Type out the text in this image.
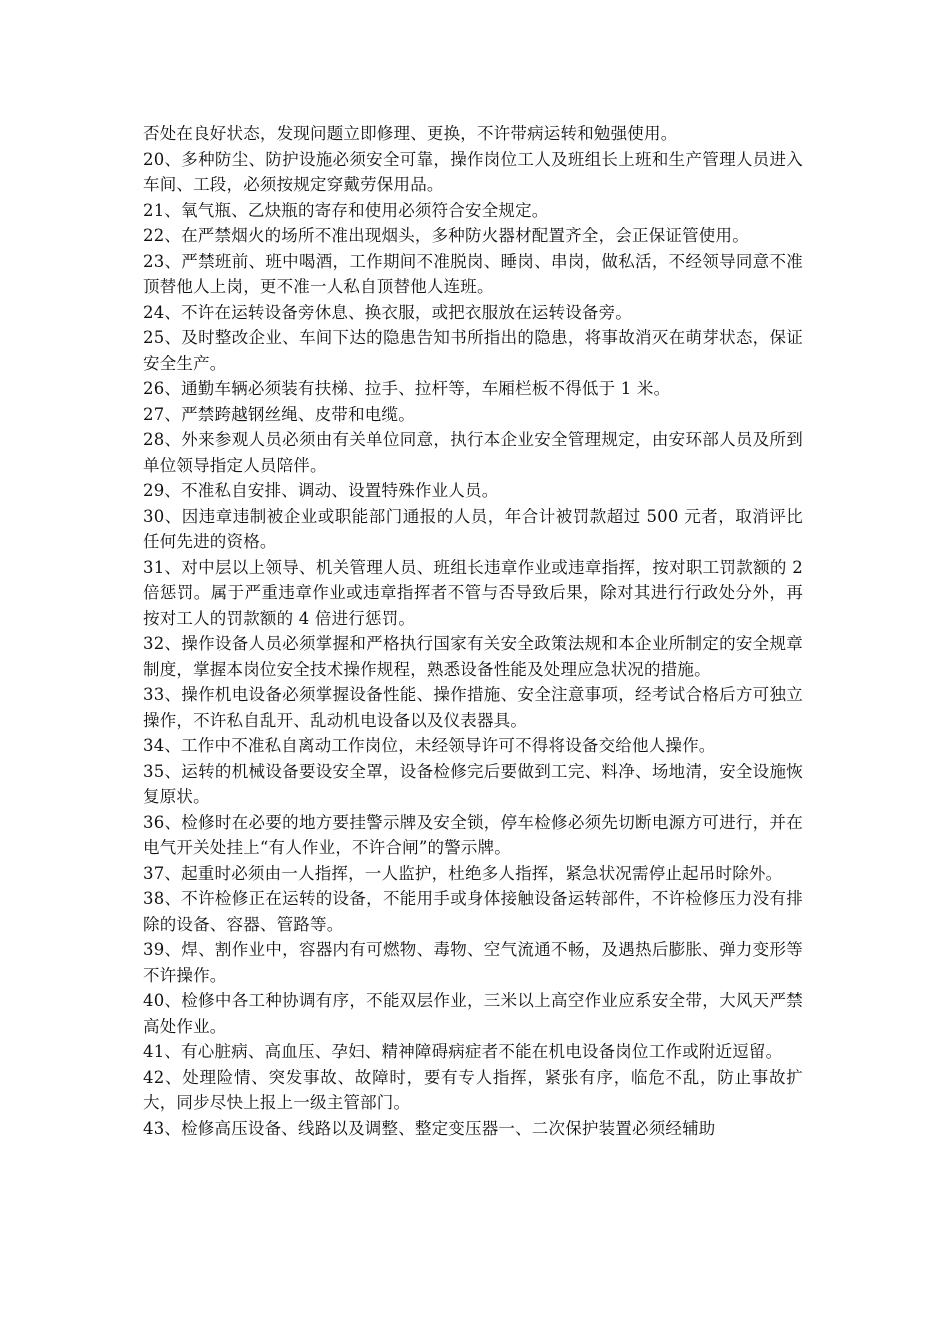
否处在良好状态，发现问题立即修理、更换，不许带病运转和勉强使用。

20、多种防尘、防护设施必须安全可靠，操作岗位工人及班组长上班和生产管理人员进入车间、工段，必须按规定穿戴劳保用品。

21、氧气瓶、乙炔瓶的寄存和使用必须符合安全规定。

22、在严禁烟火的场所不准出现烟头，多种防火器材配置齐全，会正保证管使用。

23、严禁班前、班中喝酒，工作期间不准脱岗、睡岗、串岗，做私活，不经领导同意不准顶替他人上岗，更不准一人私自顶替他人连班。

24、不许在运转设备旁休息、换衣服，或把衣服放在运转设备旁。

25、及时整改企业、车间下达的隐患告知书所指出的隐患，将事故消灭在萌芽状态，保证安全生产。

26、通勤车辆必须装有扶梯、拉手、拉杆等，车厢栏板不得低于 1 米。

27、严禁跨越钢丝绳、皮带和电缆。

28、外来参观人员必须由有关单位同意，执行本企业安全管理规定，由安环部人员及所到单位领导指定人员陪伴。

29、不准私自安排、调动、设置特殊作业人员。

30、因违章违制被企业或职能部门通报的人员，年合计被罚款超过 500 元者，取消评比任何先进的资格。

31、对中层以上领导、机关管理人员、班组长违章作业或违章指挥，按对职工罚款额的 2 倍惩罚。属于严重违章作业或违章指挥者不管与否导致后果，除对其进行行政处分外，再按对工人的罚款额的 4 倍进行惩罚。

32、操作设备人员必须掌握和严格执行国家有关安全政策法规和本企业所制定的安全规章制度，掌握本岗位安全技术操作规程，熟悉设备性能及处理应急状况的措施。

33、操作机电设备必须掌握设备性能、操作措施、安全注意事项，经考试合格后方可独立操作，不许私自乱开、乱动机电设备以及仪表器具。

34、工作中不准私自离动工作岗位，未经领导许可不得将设备交给他人操作。

35、运转的机械设备要设安全罩，设备检修完后要做到工完、料净、场地清，安全设施恢复原状。

36、检修时在必要的地方要挂警示牌及安全锁，停车检修必须先切断电源方可进行，并在电气开关处挂上“有人作业，不许合闸”的警示牌。

37、起重时必须由一人指挥，一人监护，杜绝多人指挥，紧急状况需停止起吊时除外。

38、不许检修正在运转的设备，不能用手或身体接触设备运转部件，不许检修压力没有排除的设备、容器、管路等。

39、焊、割作业中，容器内有可燃物、毒物、空气流通不畅，及遇热后膨胀、弹力变形等不许操作。

40、检修中各工种协调有序，不能双层作业，三米以上高空作业应系安全带，大风天严禁高处作业。

41、有心脏病、高血压、孕妇、精神障碍病症者不能在机电设备岗位工作或附近逗留。

42、处理险情、突发事故、故障时，要有专人指挥，紧张有序，临危不乱，防止事故扩大，同步尽快上报上一级主管部门。

43、检修高压设备、线路以及调整、整定变压器一、二次保护装置必须经辅助
